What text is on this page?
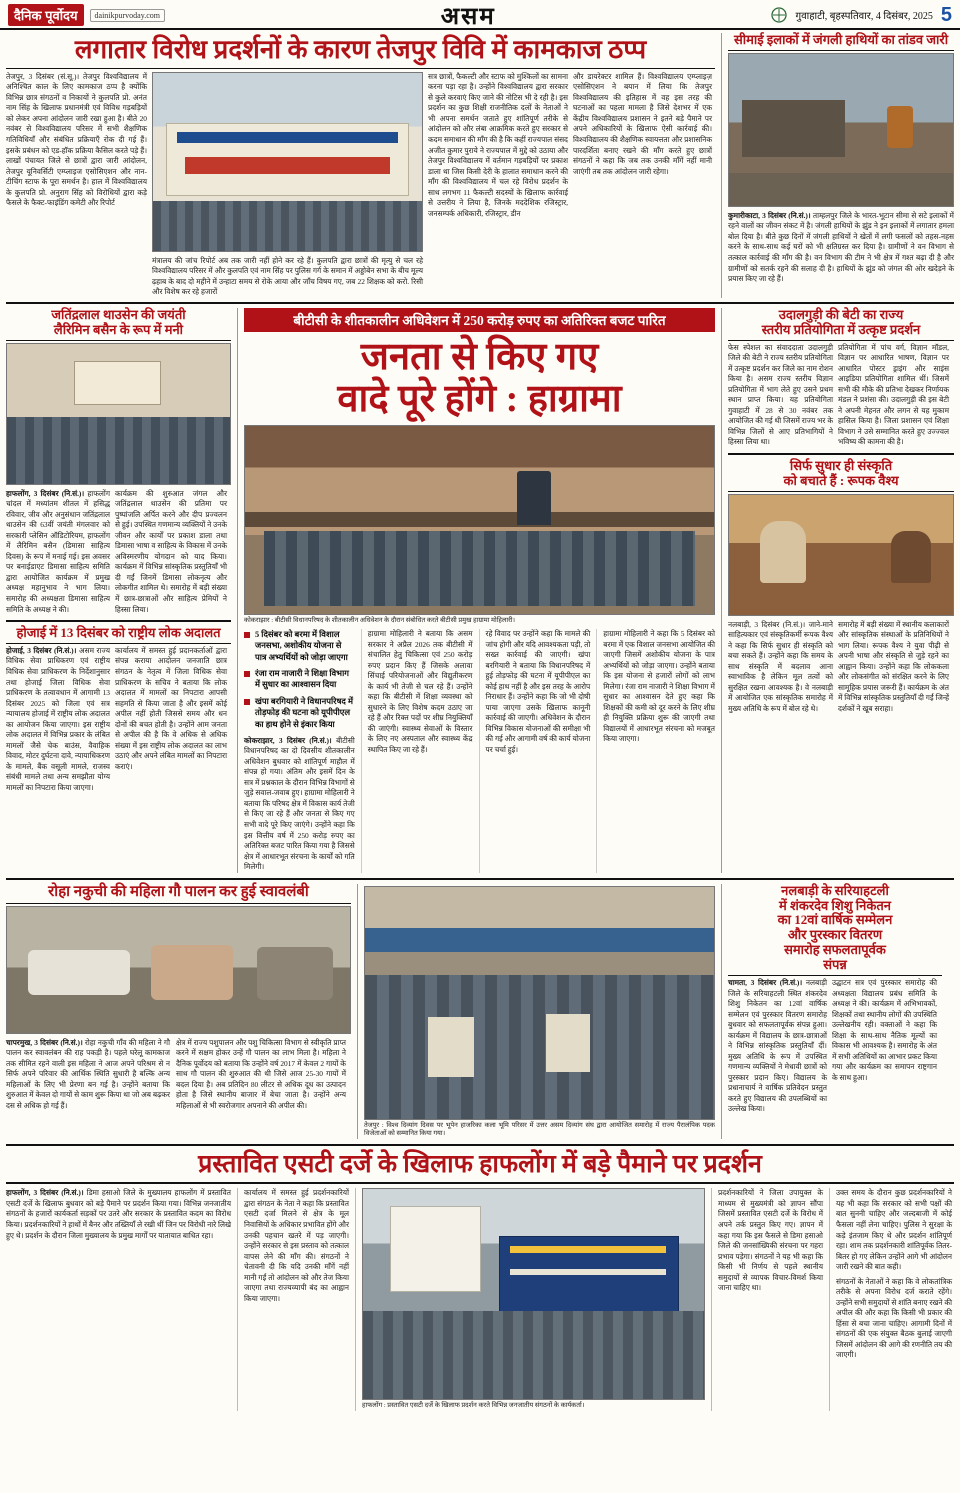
दैनिक पूर्वोदय	dainikpurvoday.com	असम	गुवाहाटी, बृहस्पतिवार, 4 दिसंबर, 2025 5
लगातार विरोध प्रदर्शनों के कारण तेजपुर विवि में कामकाज ठप्प
तेजपुर, 3 दिसंबर (सं.सू.)। तेजपुर विश्वविद्यालय में अनिश्चित काल के लिए कामकाज ठप्प है क्योंकि विभिन्न छात्र संगठनों व निकायों ने कुलपति प्रो. अनंत नाम सिंह के खिलाफ प्रधानमंत्री एवं विविध गड़बड़ियों को लेकर अपना आंदोलन जारी रखा हुआ है। बीते 20 नवंबर से विश्वविद्यालय परिसर में सभी शैक्षणिक गतिविधियाँ और संबंधित प्रक्रियाएँ रोक दी गई हैं। इसके प्रबंधन को एड-हॉक प्रक्रिया कैसिल करते पड़े हैं। लाखों पंचायत जिले से छात्रों द्वारा जारी आंदोलन, तेजपुर यूनिवर्सिटी एम्प्लाइज एसोसिएशन और नान-टीचिंग स्टाफ के पूरा समर्थन है। हाल में विश्वविद्यालय के कुलपति प्रो. अनुराग सिंह को विरोधियों द्वारा कड़े फैसले के फैक्ट-फाइंडिंग कमेटी और रिपोर्ट
मंत्रालय की जांच रिपोर्ट अब तक जारी नहीं होने कर रहे हैं। कुलपति द्वारा छात्रों की मृत्यु से चल रहे विश्वविद्यालय परिसर में और कुलपति एवं नाम सिंह पर पुलिस गर्ग के समान में अड्डोबेन सभा के बीच मूल्य ढ़हाब के बाद दो महीने में उन्हाटा समय से रोके आया और जाँच विषय गए, जब 22 शिक्षक को करो. रिसी और विशेष कर रहे हजारों
सत्र छात्रों, फैकल्टी और स्टाफ को मुश्किलों का सामना करना पड़ा रहा है। उन्होंने विश्वविद्यालय द्वारा सरकार से कुले करवाएं किए जाने की नोटिस भी दे रही है। इस प्रदर्शन का कुछ शिक्षी राजनीतिक दलों के नेताओं ने भी अपना समर्थन जताते हुए शांतिपूर्ण तरीके से आंदोलन को और लंबा आक्रमिक करते हुए सरकार से कदम समाधान की माँग की है कि कहीं राज्यपाल संसद अजीत कुमार पुराये ने राज्यपाल में मुद्दे को उठाया और तेजपुर विश्वविद्यालय में वर्तमान गड़बड़ियों पर प्रकाश डाला था जिस किसी देरी के हालात समाधान करने की माँग की विश्वविद्यालय में चल रहे विरोध प्रदर्शन के साथ लगभग 11 फैकल्टी सदस्यों के खिलाफ कार्रवाई से उत्तरीय ने लिया है, जिनके मददेशिक रजिस्ट्रार, जनसम्पर्क अधिकारी, रजिस्ट्रार, डीन
और डायरेक्टर शामिल हैं। विश्वविद्यालय एम्प्लाइज़ एसोसिएशन ने बयान में लिया कि तेजपुर विश्वविद्यालय की इतिहास में वह इस तरह की घटनाओं का पहला मामला है जिसे देशभर में एक केंद्रीय विश्वविद्यालय प्रशासन ने इतने बड़े पैमाने पर अपने अधिकारियों के खिलाफ ऐसी कार्रवाई की। विश्वविद्यालय की शैक्षणिक स्वायत्तता और प्रशासनिक पारदर्शिता बनाए रखने की माँग करते हुए छात्रों संगठनों ने कहा कि जब तक उनकी माँगें नहीं मानी जाएंगी तब तक आंदोलन जारी रहेगा।
सीमाई इलाकों में जंगली हाथियों का तांडव जारी
कुमारीकाटा, 3 दिसंबर (नि.सं.)। ताम्हलपुर जिले के भारत-भूटान सीमा से सटे इलाकों में रहने वालों का जीवन संकट में है। जंगली हाथियों के झुंड ने इन इलाकों में लगातार हमला बोल दिया है। बीते कुछ दिनों में जंगली हाथियों ने खेतों में लगी फसलों को तहस-नहस करने के साथ-साथ कई घरों को भी क्षतिग्रस्त कर दिया है। ग्रामीणों ने वन विभाग से तत्काल कार्रवाई की माँग की है। वन विभाग की टीम ने भी क्षेत्र में गश्त बढ़ा दी है और ग्रामीणों को सतर्क रहने की सलाह दी है। हाथियों के झुंड को जंगल की ओर खदेड़ने के प्रयास किए जा रहे हैं।
जतिंद्रलाल थाउसेन की जयंती
लैरिमिन बसैन के रूप में मनी
हाफलोंग, 3 दिसंबर (नि.सं.)। हाफलोंग चांदल में मध्यांतम शीतल में हसिद्ध रविवार, जीव और अनुसंधान जतिंद्रलाल थाउसेन की 63वीं जयंती मंगलवार को सरकारी प्लेसिन ऑडिटोरियम, हाफलोंग में लैरिमिन बसैन (डिमासा साहित्य दिवस) के रूप में मनाई गई। इस अवसर पर बनाईडाएट डिमासा साहित्य समिति द्वारा आयोजित कार्यक्रम में प्रमुख अध्यक्ष महानुभाव ने भाग लिया। समारोह की अध्यक्षता डिमासा साहित्य समिति के अध्यक्ष ने की।
कार्यक्रम की शुरुआत जंगल और जतिंद्रलाल थाउसेन की प्रतिमा पर पुष्पांजलि अर्पित करने और दीप प्रज्वलन से हुई। उपस्थित गणमान्य व्यक्तियों ने उनके जीवन और कार्यों पर प्रकाश डाला तथा डिमासा भाषा व साहित्य के विकास में उनके अविस्मरणीय योगदान को याद किया। कार्यक्रम में विभिन्न सांस्कृतिक प्रस्तुतियाँ भी दी गईं जिनमें डिमासा लोकनृत्य और लोकगीत शामिल थे। समारोह में बड़ी संख्या में छात्र-छात्राओं और साहित्य प्रेमियों ने हिस्सा लिया।
होजाई में 13 दिसंबर को राष्ट्रीय लोक अदालत
होजाई, 3 दिसंबर (नि.सं.)। असम राज्य विधिक सेवा प्राधिकरण एवं राष्ट्रीय विधिक सेवा प्राधिकरण के निर्देशानुसार तथा होजाई जिला विधिक सेवा प्राधिकरण के तत्वावधान में आगामी 13 दिसंबर 2025 को जिला एवं सत्र न्यायालय होजाई में राष्ट्रीय लोक अदालत का आयोजन किया जाएगा। इस राष्ट्रीय लोक अदालत में विभिन्न प्रकार के लंबित मामलों जैसे चेक बाउंस, वैवाहिक विवाद, मोटर दुर्घटना दावे, न्यायाधिकरण के मामले, बैंक वसूली मामले, राजस्व संबंधी मामले तथा अन्य समझौता योग्य मामलों का निपटारा किया जाएगा।
कार्यालय में समस्त हुई प्रदानकर्ताओं द्वारा संपन्न कराया आदोलन जनजाति छात्र संगठन के नेतृत्व में जिला विधिक सेवा प्राधिकरण के सचिव ने बताया कि लोक अदालत में मामलों का निपटारा आपसी सहमति से किया जाता है और इसमें कोई अपील नहीं होती जिससे समय और धन दोनों की बचत होती है। उन्होंने आम जनता से अपील की है कि वे अधिक से अधिक संख्या में इस राष्ट्रीय लोक अदालत का लाभ उठाएं और अपने लंबित मामलों का निपटारा कराएं।
बीटीसी के शीतकालीन अधिवेशन में 250 करोड़ रुपए का अतिरिक्त बजट पारित
जनता से किए गए
वादे पूरे होंगे : हाग्रामा
कोकराझार : बीटीसी विधानपरिषद के शीतकालीन अधिवेशन के दौरान संबोधित करते बीटीसी प्रमुख हाग्रामा मोहिलारी।
5 दिसंबर को बरमा में विशाल जनसभा, अशोकीय योजना से पात्र अभ्यर्थियों को जोड़ा जाएगा
रंजा राम नाजारी ने शिक्षा विभाग में सुधार का आश्वासन दिया
खंपा बरगियारी ने विधानपरिषद में तोड़फोड़ की घटना को यूपीपीएल का हाथ होने से इंकार किया
कोकराझार, 3 दिसंबर (नि.सं.)। बीटीसी विधानपरिषद का दो दिवसीय शीतकालीन अधिवेशन बुधवार को शांतिपूर्ण माहौल में संपन्न हो गया। अंतिम और इसमें दिन के सत्र में प्रश्नकाल के दौरान विभिन्न विभागों से जुड़े सवाल-जवाब हुए। हाग्रामा मोहिलारी ने बताया कि परिषद क्षेत्र में विकास कार्य तेजी से किए जा रहे हैं और जनता से किए गए सभी वादे पूरे किए जाएंगे। उन्होंने कहा कि इस वित्तीय वर्ष में 250 करोड़ रुपए का अतिरिक्त बजट पारित किया गया है जिससे क्षेत्र में आधारभूत संरचना के कार्यों को गति मिलेगी।
हाग्रामा मोहिलारी ने बताया कि असम सरकार ने अप्रैल 2026 तक बीटीसी में संचालित हेतु चिकित्सा एवं 250 करोड़ रुपए प्रदान किए हैं जिसके अलावा सिंचाई परियोजनाओं और विद्युतीकरण के कार्य भी तेजी से चल रहे हैं। उन्होंने कहा कि बीटीसी में शिक्षा व्यवस्था को सुधारने के लिए विशेष कदम उठाए जा रहे हैं और रिक्त पदों पर शीघ्र नियुक्तियाँ की जाएंगी। स्वास्थ्य सेवाओं के विस्तार के लिए नए अस्पताल और स्वास्थ्य केंद्र स्थापित किए जा रहे हैं।
रहे विवाद पर उन्होंने कहा कि मामले की जांच होगी और यदि आवश्यकता पड़ी, तो सख्त कार्रवाई की जाएगी। खंपा बरगियारी ने बताया कि विधानपरिषद में हुई तोड़फोड़ की घटना में यूपीपीएल का कोई हाथ नहीं है और इस तरह के आरोप निराधार हैं। उन्होंने कहा कि जो भी दोषी पाया जाएगा उसके खिलाफ कानूनी कार्रवाई की जाएगी। अधिवेशन के दौरान विभिन्न विकास योजनाओं की समीक्षा भी की गई और आगामी वर्ष की कार्य योजना पर चर्चा हुई।
हाग्रामा मोहिलारी ने कहा कि 5 दिसंबर को बरमा में एक विशाल जनसभा आयोजित की जाएगी जिसमें अशोकीय योजना के पात्र अभ्यर्थियों को जोड़ा जाएगा। उन्होंने बताया कि इस योजना से हजारों लोगों को लाभ मिलेगा। रंजा राम नाजारी ने शिक्षा विभाग में सुधार का आश्वासन देते हुए कहा कि शिक्षकों की कमी को दूर करने के लिए शीघ्र ही नियुक्ति प्रक्रिया शुरू की जाएगी तथा विद्यालयों में आधारभूत संरचना को मजबूत किया जाएगा।
उदालगुड़ी की बेटी का राज्य
स्तरीय प्रतियोगिता में उत्कृष्ट प्रदर्शन
फेस स्पेशल का संवाददाता उदालगुड़ी जिले की बेटी ने राज्य स्तरीय प्रतियोगिता में उत्कृष्ट प्रदर्शन कर जिले का नाम रोशन किया है। असम राज्य स्तरीय विज्ञान प्रतियोगिता में भाग लेते हुए उसने प्रथम स्थान प्राप्त किया। यह प्रतियोगिता गुवाहाटी में 28 से 30 नवंबर तक आयोजित की गई थी जिसमें राज्य भर के विभिन्न जिलों से आए प्रतिभागियों ने हिस्सा लिया था।
प्रतियोगिता में पांच वर्ग, विज्ञान मॉडल, विज्ञान पर आधारित भाषण, विज्ञान पर आधारित पोस्टर ड्राइंग और साइंस आइडिया प्रतियोगिता शामिल थीं। जिसमें सभी की मौके की प्रतिभा देखकर निर्णायक मंडल ने प्रशंसा की। उदालगुड़ी की इस बेटी ने अपनी मेहनत और लगन से यह मुकाम हासिल किया है। जिला प्रशासन एवं शिक्षा विभाग ने उसे सम्मानित करते हुए उज्ज्वल भविष्य की कामना की है।
सिर्फ सुधार ही संस्कृति
को बचाते हैं : रूपक वैश्य
नलबाड़ी, 3 दिसंबर (नि.सं.)। जाने-माने साहित्यकार एवं संस्कृतिकर्मी रूपक वैश्य ने कहा कि सिर्फ सुधार ही संस्कृति को बचा सकते हैं। उन्होंने कहा कि समय के साथ संस्कृति में बदलाव आना स्वाभाविक है लेकिन मूल तत्वों को सुरक्षित रखना आवश्यक है। वे नलबाड़ी में आयोजित एक सांस्कृतिक समारोह में मुख्य अतिथि के रूप में बोल रहे थे।
समारोह में बड़ी संख्या में स्थानीय कलाकारों और सांस्कृतिक संस्थाओं के प्रतिनिधियों ने भाग लिया। रूपक वैश्य ने युवा पीढ़ी से अपनी भाषा और संस्कृति से जुड़े रहने का आह्वान किया। उन्होंने कहा कि लोककला और लोकसंगीत को संरक्षित करने के लिए सामूहिक प्रयास जरूरी हैं। कार्यक्रम के अंत में विभिन्न सांस्कृतिक प्रस्तुतियाँ दी गईं जिन्हें दर्शकों ने खूब सराहा।
रोहा नकुची की महिला गौ पालन कर हुई स्वावलंबी
चापरमुख, 3 दिसंबर (नि.सं.)। रोहा नकुची गाँव की महिला ने गौ पालन कर स्वावलंबन की राह पकड़ी है। पहले घरेलू कामकाज तक सीमित रहने वाली इस महिला ने आज अपने परिश्रम से न सिर्फ अपने परिवार की आर्थिक स्थिति सुधारी है बल्कि अन्य महिलाओं के लिए भी प्रेरणा बन गई है। उन्होंने बताया कि शुरुआत में केवल दो गायों से काम शुरू किया था जो अब बढ़कर दस से अधिक हो गई हैं।
क्षेत्र में राज्य पशुपालन और पशु चिकित्सा विभाग से स्वीकृति प्राप्त करने में सक्षम होकर उन्हें गौ पालन का लाभ मिला है। महिला ने दैनिक पूर्वोदय को बताया कि उन्होंने वर्ष 2017 में केवल 2 गायों के साथ गौ पालन की शुरुआत की थी जिसे आज 25-30 गायों में बदल दिया है। अब प्रतिदिन 80 लीटर से अधिक दूध का उत्पादन होता है जिसे स्थानीय बाजार में बेचा जाता है। उन्होंने अन्य महिलाओं से भी स्वरोजगार अपनाने की अपील की।
तेजपुर : विश्व दिव्यांग दिवस पर भूपेन हाजरिका कला भूमि परिसर में उत्तर असम दिव्यांग संघ द्वारा आयोजित समारोह में राज्य पैरालंपिक पदक विजेताओं को सम्मानित किया गया।
नलबाड़ी के सरियाहटली
में शंकरदेव शिशु निकेतन
का 12वां वार्षिक सम्मेलन
और पुरस्कार वितरण
समारोह सफलतापूर्वक
संपन्न
चामता, 3 दिसंबर (नि.सं.)। नलबाड़ी जिले के सरियाहटली स्थित शंकरदेव शिशु निकेतन का 12वां वार्षिक सम्मेलन एवं पुरस्कार वितरण समारोह बुधवार को सफलतापूर्वक संपन्न हुआ। कार्यक्रम में विद्यालय के छात्र-छात्राओं ने विभिन्न सांस्कृतिक प्रस्तुतियाँ दीं। मुख्य अतिथि के रूप में उपस्थित गणमान्य व्यक्तियों ने मेधावी छात्रों को पुरस्कार प्रदान किए। विद्यालय के प्रधानाचार्य ने वार्षिक प्रतिवेदन प्रस्तुत करते हुए विद्यालय की उपलब्धियों का उल्लेख किया।
उद्घाटन सत्र एवं पुरस्कार समारोह की अध्यक्षता विद्यालय प्रबंध समिति के अध्यक्ष ने की। कार्यक्रम में अभिभावकों, शिक्षकों तथा स्थानीय लोगों की उपस्थिति उल्लेखनीय रही। वक्ताओं ने कहा कि शिक्षा के साथ-साथ नैतिक मूल्यों का विकास भी आवश्यक है। समारोह के अंत में सभी अतिथियों का आभार प्रकट किया गया और कार्यक्रम का समापन राष्ट्रगान के साथ हुआ।
प्रस्तावित एसटी दर्जे के खिलाफ हाफलोंग में बड़े पैमाने पर प्रदर्शन
हाफलोंग, 3 दिसंबर (नि.सं.)। डिमा हसाओ जिले के मुख्यालय हाफलोंग में प्रस्तावित एसटी दर्जे के खिलाफ बुधवार को बड़े पैमाने पर प्रदर्शन किया गया। विभिन्न जनजातीय संगठनों के हजारों कार्यकर्ता सड़कों पर उतरे और सरकार के प्रस्तावित कदम का विरोध किया। प्रदर्शनकारियों ने हाथों में बैनर और तख्तियाँ ले रखी थीं जिन पर विरोधी नारे लिखे हुए थे। प्रदर्शन के दौरान जिला मुख्यालय के प्रमुख मार्गों पर यातायात बाधित रहा।
कार्यालय में समस्त हुई प्रदर्शनकारियों द्वारा संगठन के नेता ने कहा कि प्रस्तावित एसटी दर्जा मिलने से क्षेत्र के मूल निवासियों के अधिकार प्रभावित होंगे और उनकी पहचान खतरे में पड़ जाएगी। उन्होंने सरकार से इस प्रस्ताव को तत्काल वापस लेने की माँग की। संगठनों ने चेतावनी दी कि यदि उनकी माँगें नहीं मानी गईं तो आंदोलन को और तेज किया जाएगा तथा राज्यव्यापी बंद का आह्वान किया जाएगा।
हाफलोंग : प्रस्तावित एसटी दर्जे के खिलाफ प्रदर्शन करते विभिन्न जनजातीय संगठनों के कार्यकर्ता।
प्रदर्शनकारियों ने जिला उपायुक्त के माध्यम से मुख्यमंत्री को ज्ञापन सौंपा जिसमें प्रस्तावित एसटी दर्जे के विरोध में अपने तर्क प्रस्तुत किए गए। ज्ञापन में कहा गया कि इस फैसले से डिमा हसाओ जिले की जनसांख्यिकी संरचना पर गहरा प्रभाव पड़ेगा। संगठनों ने यह भी कहा कि किसी भी निर्णय से पहले स्थानीय समुदायों से व्यापक विचार-विमर्श किया जाना चाहिए था।
उक्त समय के दौरान कुछ प्रदर्शनकारियों ने यह भी कहा कि सरकार को सभी पक्षों की बात सुननी चाहिए और जल्दबाजी में कोई फैसला नहीं लेना चाहिए। पुलिस ने सुरक्षा के कड़े इंतजाम किए थे और प्रदर्शन शांतिपूर्ण रहा। शाम तक प्रदर्शनकारी शांतिपूर्वक तितर-बितर हो गए लेकिन उन्होंने आगे भी आंदोलन जारी रखने की बात कही।
संगठनों के नेताओं ने कहा कि वे लोकतांत्रिक तरीके से अपना विरोध दर्ज कराते रहेंगे। उन्होंने सभी समुदायों से शांति बनाए रखने की अपील की और कहा कि किसी भी प्रकार की हिंसा से बचा जाना चाहिए। आगामी दिनों में संगठनों की एक संयुक्त बैठक बुलाई जाएगी जिसमें आंदोलन की आगे की रणनीति तय की जाएगी।
